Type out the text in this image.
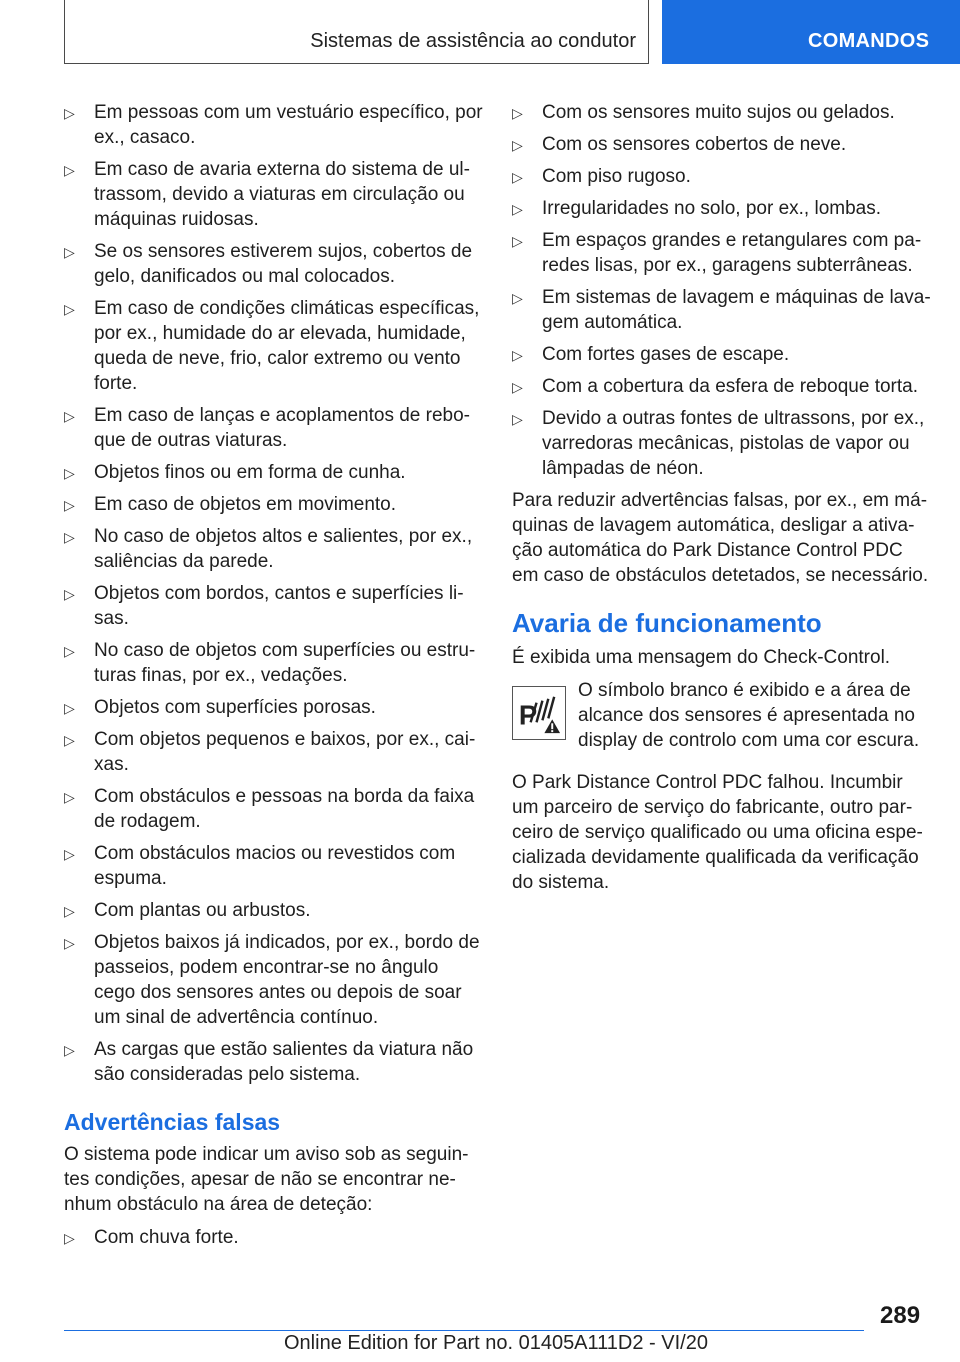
Sistemas de assistência ao condutor	COMANDOS
▷ Em pessoas com um vestuário específico, por ex., casaco.
▷ Em caso de avaria externa do sistema de ultrassom, devido a viaturas em circulação ou máquinas ruidosas.
▷ Se os sensores estiverem sujos, cobertos de gelo, danificados ou mal colocados.
▷ Em caso de condições climáticas específicas, por ex., humidade do ar elevada, humidade, queda de neve, frio, calor extremo ou vento forte.
▷ Em caso de lanças e acoplamentos de reboque de outras viaturas.
▷ Objetos finos ou em forma de cunha.
▷ Em caso de objetos em movimento.
▷ No caso de objetos altos e salientes, por ex., saliências da parede.
▷ Objetos com bordos, cantos e superfícies lisas.
▷ No caso de objetos com superfícies ou estruturas finas, por ex., vedações.
▷ Objetos com superfícies porosas.
▷ Com objetos pequenos e baixos, por ex., caixas.
▷ Com obstáculos e pessoas na borda da faixa de rodagem.
▷ Com obstáculos macios ou revestidos com espuma.
▷ Com plantas ou arbustos.
▷ Objetos baixos já indicados, por ex., bordo de passeios, podem encontrar-se no ângulo cego dos sensores antes ou depois de soar um sinal de advertência contínuo.
▷ As cargas que estão salientes da viatura não são consideradas pelo sistema.
Advertências falsas

O sistema pode indicar um aviso sob as seguintes condições, apesar de não se encontrar nenhum obstáculo na área de deteção:

▷ Com chuva forte.
▷ Com os sensores muito sujos ou gelados.
▷ Com os sensores cobertos de neve.
▷ Com piso rugoso.
▷ Irregularidades no solo, por ex., lombas.
▷ Em espaços grandes e retangulares com paredes lisas, por ex., garagens subterrâneas.
▷ Em sistemas de lavagem e máquinas de lavagem automática.
▷ Com fortes gases de escape.
▷ Com a cobertura da esfera de reboque torta.
▷ Devido a outras fontes de ultrassons, por ex., varredoras mecânicas, pistolas de vapor ou lâmpadas de néon.

Para reduzir advertências falsas, por ex., em máquinas de lavagem automática, desligar a ativação automática do Park Distance Control PDC em caso de obstáculos detetados, se necessário.

Avaria de funcionamento

É exibida uma mensagem do Check-Control.

P
O símbolo branco é exibido e a área de alcance dos sensores é apresentada no display de controlo com uma cor escura.

O Park Distance Control PDC falhou. Incumbir um parceiro de serviço do fabricante, outro parceiro de serviço qualificado ou uma oficina especializada devidamente qualificada da verificação do sistema.

289
Online Edition for Part no. 01405A111D2 - VI/20
